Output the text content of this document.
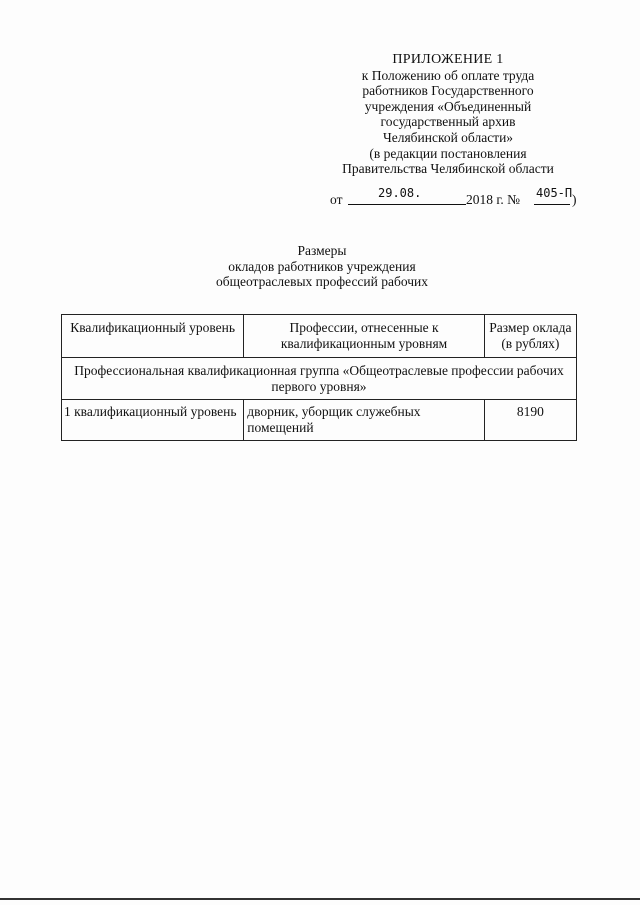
ПРИЛОЖЕНИЕ 1
к Положению об оплате труда
работников Государственного
учреждения «Объединенный
государственный архив
Челябинской области»
(в редакции постановления
Правительства Челябинской области
от	29.08.	2018 г. № 405-П )
Размеры
окладов работников учреждения
общеотраслевых профессий рабочих
Квалификационный уровень	Профессии, отнесенные к квалификационным уровням	Размер оклада (в рублях)
Профессиональная квалификационная группа «Общеотраслевые профессии рабочих первого уровня»		
1 квалификационный уровень	дворник, уборщик служебных помещений	8190
